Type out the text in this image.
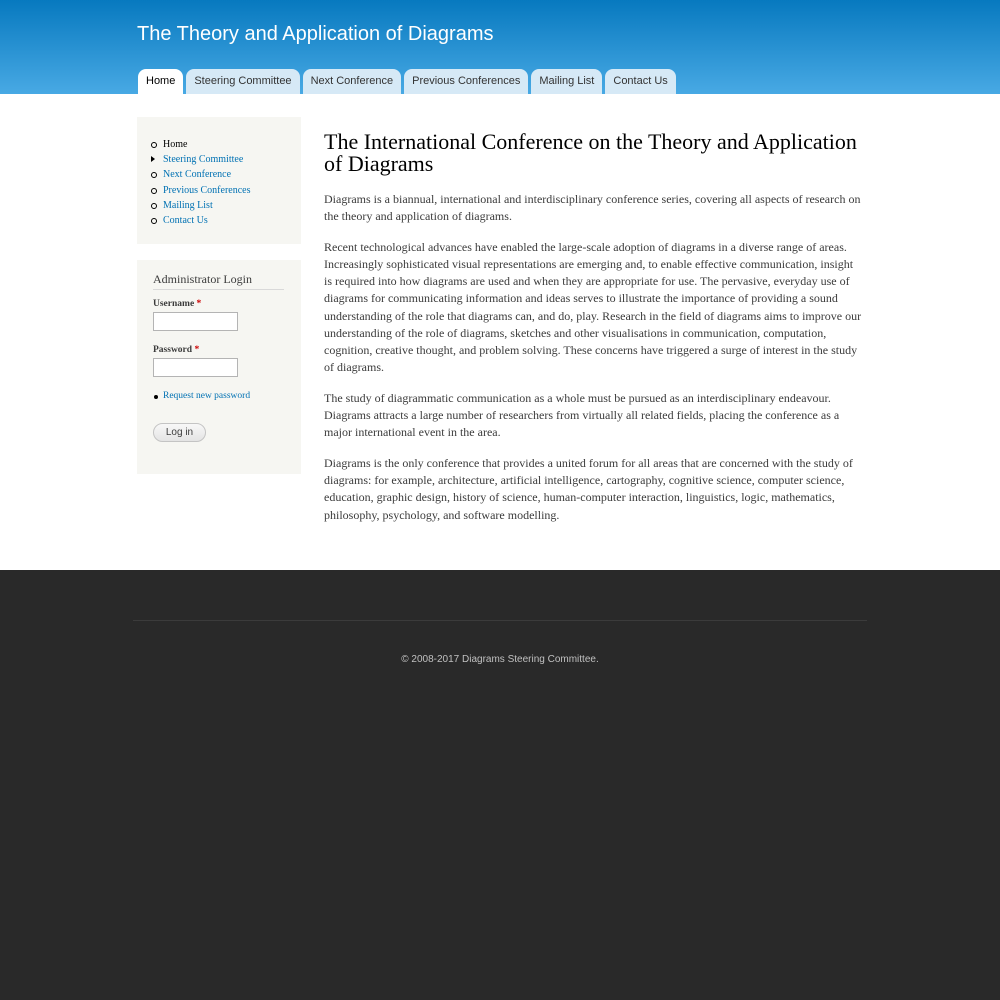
The Theory and Application of Diagrams
Home	Steering Committee	Next Conference	Previous Conferences	Mailing List	Contact Us
Home
Steering Committee
Next Conference
Previous Conferences
Mailing List
Contact Us
Administrator Login
Username *
Password *
Request new password
Log in
The International Conference on the Theory and Application of Diagrams

Diagrams is a biannual, international and interdisciplinary conference series, covering all aspects of research on the theory and application of diagrams.

Recent technological advances have enabled the large-scale adoption of diagrams in a diverse range of areas. Increasingly sophisticated visual representations are emerging and, to enable effective communication, insight is required into how diagrams are used and when they are appropriate for use. The pervasive, everyday use of diagrams for communicating information and ideas serves to illustrate the importance of providing a sound understanding of the role that diagrams can, and do, play. Research in the field of diagrams aims to improve our understanding of the role of diagrams, sketches and other visualisations in communication, computation, cognition, creative thought, and problem solving. These concerns have triggered a surge of interest in the study of diagrams.

The study of diagrammatic communication as a whole must be pursued as an interdisciplinary endeavour. Diagrams attracts a large number of researchers from virtually all related fields, placing the conference as a major international event in the area.

Diagrams is the only conference that provides a united forum for all areas that are concerned with the study of diagrams: for example, architecture, artificial intelligence, cartography, cognitive science, computer science, education, graphic design, history of science, human-computer interaction, linguistics, logic, mathematics, philosophy, psychology, and software modelling.

© 2008-2017 Diagrams Steering Committee.
